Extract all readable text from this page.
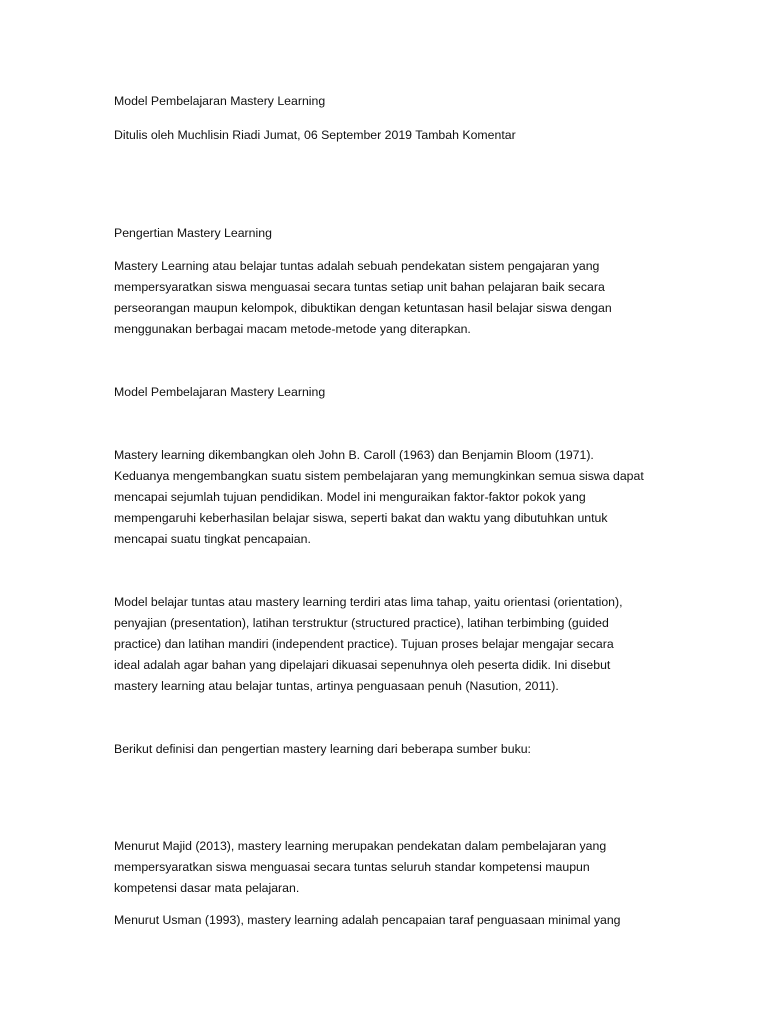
Model Pembelajaran Mastery Learning

Ditulis oleh Muchlisin Riadi Jumat, 06 September 2019 Tambah Komentar

Pengertian Mastery Learning

Mastery Learning atau belajar tuntas adalah sebuah pendekatan sistem pengajaran yang
mempersyaratkan siswa menguasai secara tuntas setiap unit bahan pelajaran baik secara
perseorangan maupun kelompok, dibuktikan dengan ketuntasan hasil belajar siswa dengan
menggunakan berbagai macam metode-metode yang diterapkan.

Model Pembelajaran Mastery Learning

Mastery learning dikembangkan oleh John B. Caroll (1963) dan Benjamin Bloom (1971).
Keduanya mengembangkan suatu sistem pembelajaran yang memungkinkan semua siswa dapat
mencapai sejumlah tujuan pendidikan. Model ini menguraikan faktor-faktor pokok yang
mempengaruhi keberhasilan belajar siswa, seperti bakat dan waktu yang dibutuhkan untuk
mencapai suatu tingkat pencapaian.

Model belajar tuntas atau mastery learning terdiri atas lima tahap, yaitu orientasi (orientation),
penyajian (presentation), latihan terstruktur (structured practice), latihan terbimbing (guided
practice) dan latihan mandiri (independent practice). Tujuan proses belajar mengajar secara
ideal adalah agar bahan yang dipelajari dikuasai sepenuhnya oleh peserta didik. Ini disebut
mastery learning atau belajar tuntas, artinya penguasaan penuh (Nasution, 2011).

Berikut definisi dan pengertian mastery learning dari beberapa sumber buku:

Menurut Majid (2013), mastery learning merupakan pendekatan dalam pembelajaran yang
mempersyaratkan siswa menguasai secara tuntas seluruh standar kompetensi maupun
kompetensi dasar mata pelajaran.

Menurut Usman (1993), mastery learning adalah pencapaian taraf penguasaan minimal yang
